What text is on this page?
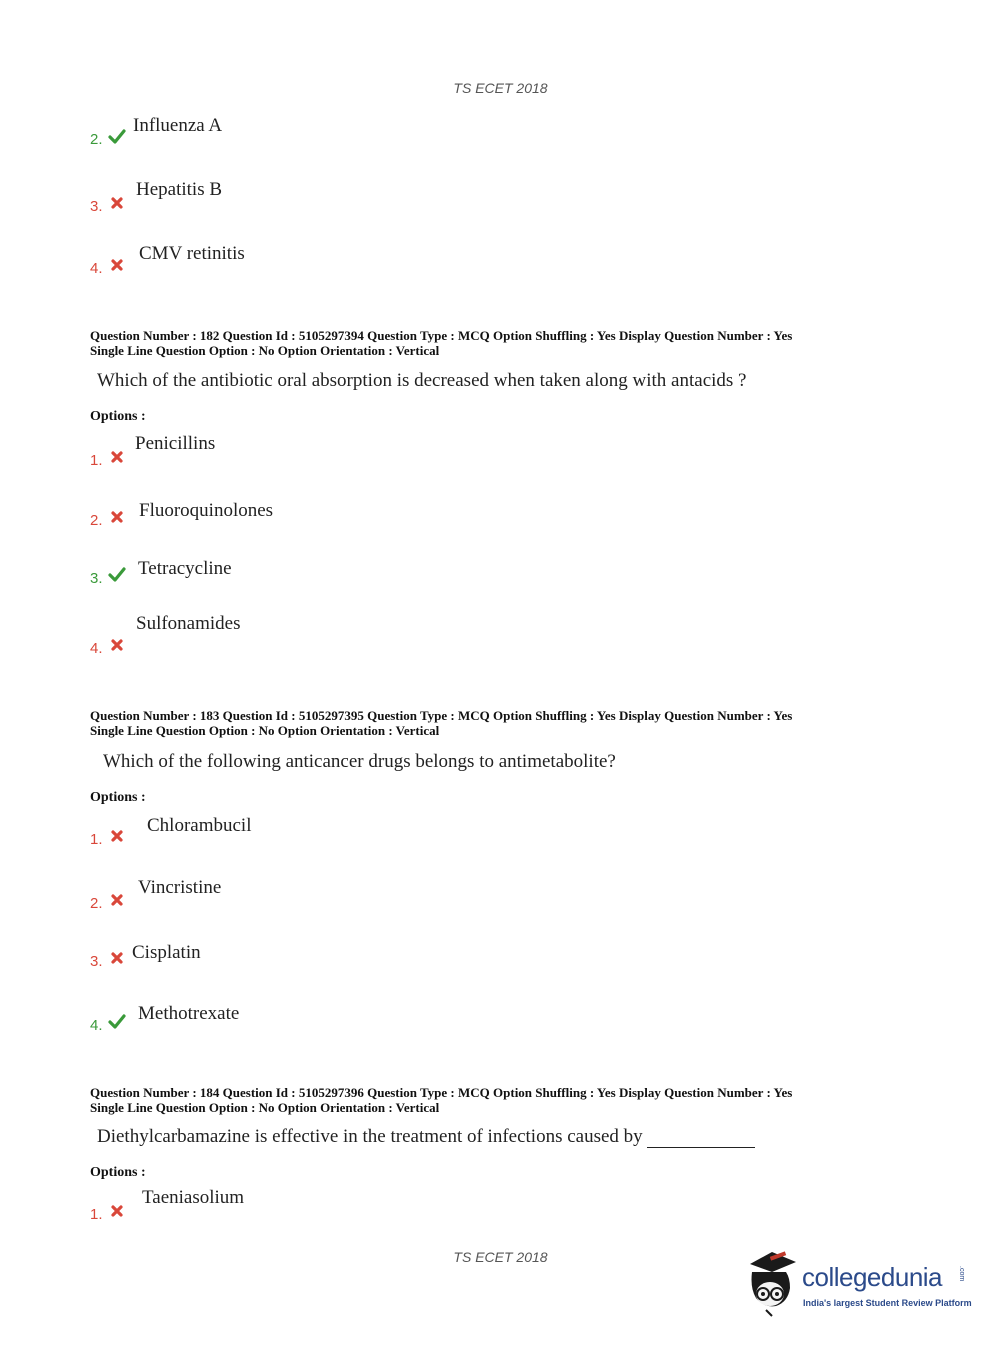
TS ECET 2018
2.
Influenza A
3.
Hepatitis B
4.
CMV retinitis
Question Number : 182 Question Id : 5105297394 Question Type : MCQ Option Shuffling : Yes Display Question Number : Yes
Single Line Question Option : No Option Orientation : Vertical
Which of the antibiotic oral absorption is decreased when taken along with antacids ?
Options :
1.
Penicillins
2. Fluoroquinolones
3. Tetracycline
4.
Sulfonamides
Question Number : 183 Question Id : 5105297395 Question Type : MCQ Option Shuffling : Yes Display Question Number : Yes
Single Line Question Option : No Option Orientation : Vertical
Which of the following anticancer drugs belongs to antimetabolite?
Options :
1.
Chlorambucil
2.
Vincristine
3. Cisplatin
4.
Methotrexate
Question Number : 184 Question Id : 5105297396 Question Type : MCQ Option Shuffling : Yes Display Question Number : Yes
Single Line Question Option : No Option Orientation : Vertical
Diethylcarbamazine is effective in the treatment of infections caused by
Options :
1.
Taeniasolium
TS ECET 2018
collegedunia .com
India's largest Student Review Platform
